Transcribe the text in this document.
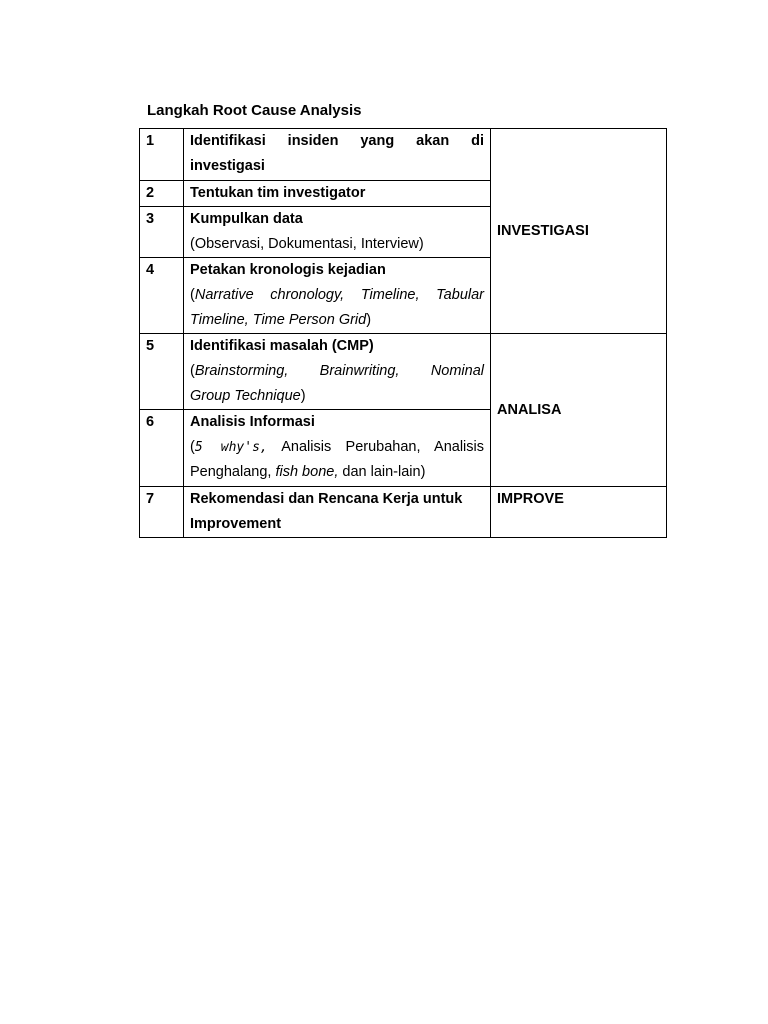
Langkah Root Cause Analysis
1	Identifikasi insiden yang akan di
investigasi	INVESTIGASI
2	Tentukan tim investigator	

3	Kumpulkan data
(Observasi, Dokumentasi, Interview)	

4	Petakan kronologis kejadian
(Narrative chronology, Timeline, Tabular
Timeline, Time Person Grid)	

5	Identifikasi masalah (CMP)
(Brainstorming, Brainwriting, Nominal
Group Technique)	ANALISA
6	Analisis Informasi
(5 why's, Analisis Perubahan, Analisis
Penghalang, fish bone, dan lain-lain)	

7	Rekomendasi dan Rencana Kerja untuk
Improvement	IMPROVE
